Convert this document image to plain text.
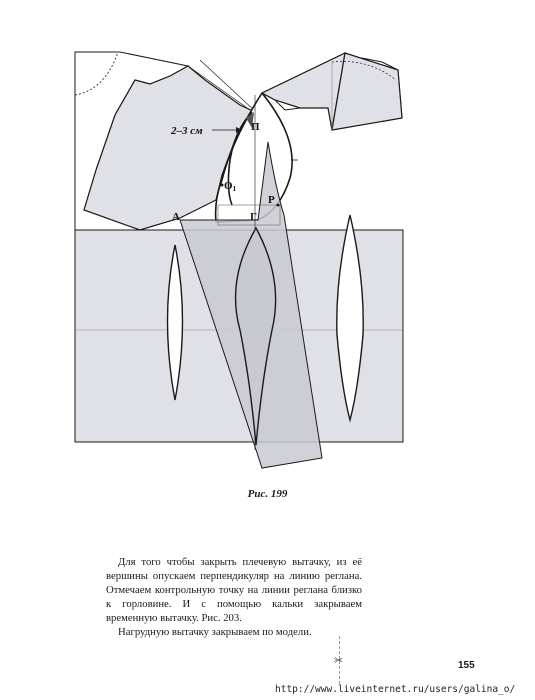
2–3 см	П
O1
Р
А	Г
Рис. 199

Для того чтобы закрыть плечевую вытачку, из её вершины опускаем перпендикуляр на линию реглана. Отмечаем контрольную точку на линии реглана близко к горловине. И с помощью кальки закрываем временную вытачку. Рис. 203.

Нагрудную вытачку закрываем по модели.

✂	155
http://www.liveinternet.ru/users/galina_o/
